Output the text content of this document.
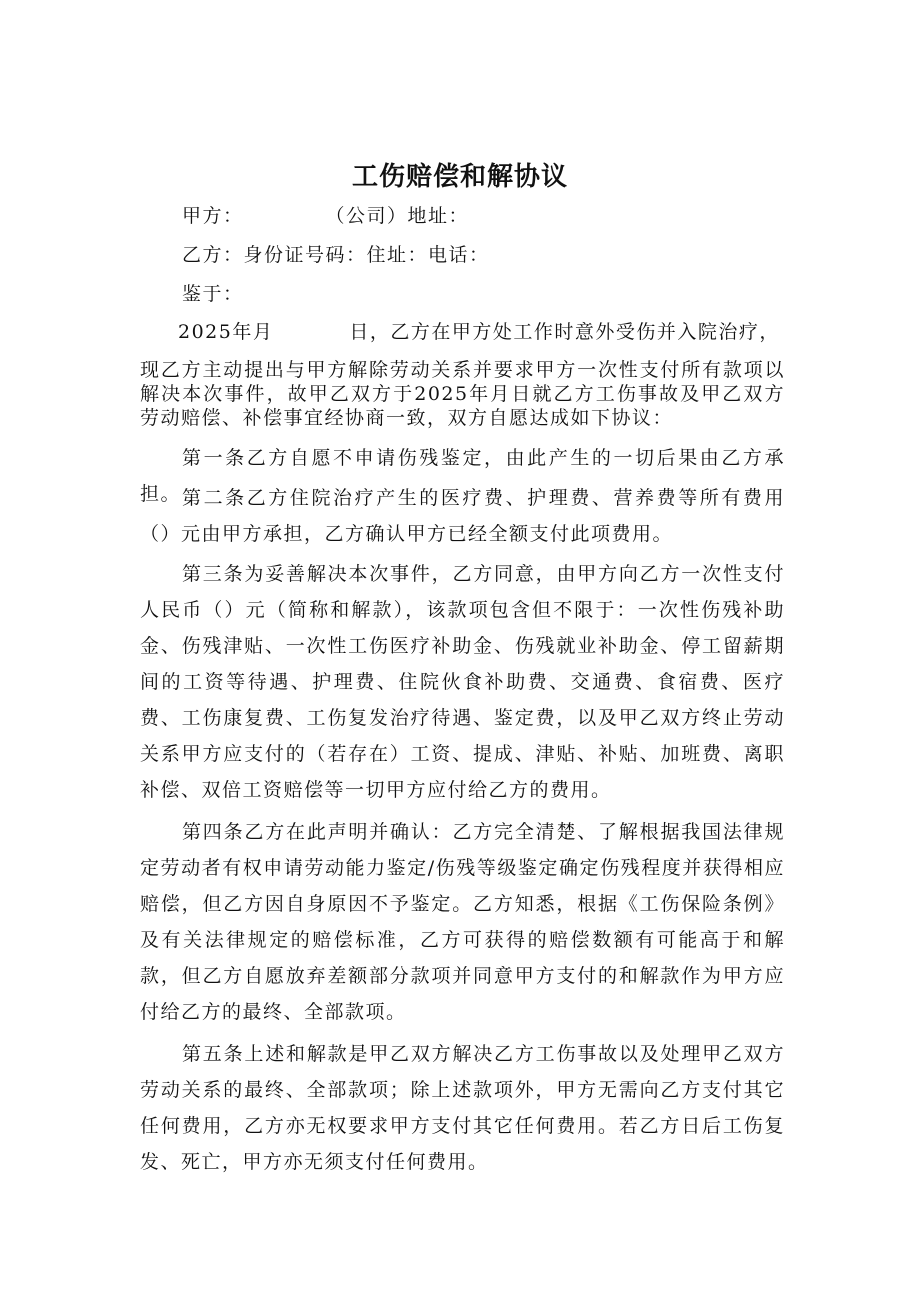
工伤赔偿和解协议
甲方：	（公司）地址：
乙方：身份证号码：住址：电话：
鉴于：
2025年月	日，乙方在甲方处工作时意外受伤并入院治疗，
现乙方主动提出与甲方解除劳动关系并要求甲方一次性支付所有款项以解决本次事件，故甲乙双方于2025年月日就乙方工伤事故及甲乙双方劳动赔偿、补偿事宜经协商一致，双方自愿达成如下协议：
第一条乙方自愿不申请伤残鉴定，由此产生的一切后果由乙方承担。 第二条乙方住院治疗产生的医疗费、护理费、营养费等所有费用（）元由甲方承担，乙方确认甲方已经全额支付此项费用。
第三条为妥善解决本次事件，乙方同意，由甲方向乙方一次性支付人民币（）元（简称和解款），该款项包含但不限于：一次性伤残补助金、伤残津贴、一次性工伤医疗补助金、伤残就业补助金、停工留薪期间的工资等待遇、护理费、住院伙食补助费、交通费、食宿费、医疗费、工伤康复费、工伤复发治疗待遇、鉴定费，以及甲乙双方终止劳动关系甲方应支付的（若存在）工资、提成、津贴、补贴、加班费、离职补偿、双倍工资赔偿等一切甲方应付给乙方的费用。
第四条乙方在此声明并确认：乙方完全清楚、了解根据我国法律规定劳动者有权申请劳动能力鉴定/伤残等级鉴定确定伤残程度并获得相应赔偿，但乙方因自身原因不予鉴定。乙方知悉，根据《工伤保险条例》及有关法律规定的赔偿标准，乙方可获得的赔偿数额有可能高于和解款，但乙方自愿放弃差额部分款项并同意甲方支付的和解款作为甲方应付给乙方的最终、全部款项。
第五条上述和解款是甲乙双方解决乙方工伤事故以及处理甲乙双方劳动关系的最终、全部款项；除上述款项外，甲方无需向乙方支付其它任何费用，乙方亦无权要求甲方支付其它任何费用。若乙方日后工伤复发、死亡，甲方亦无须支付任何费用。
